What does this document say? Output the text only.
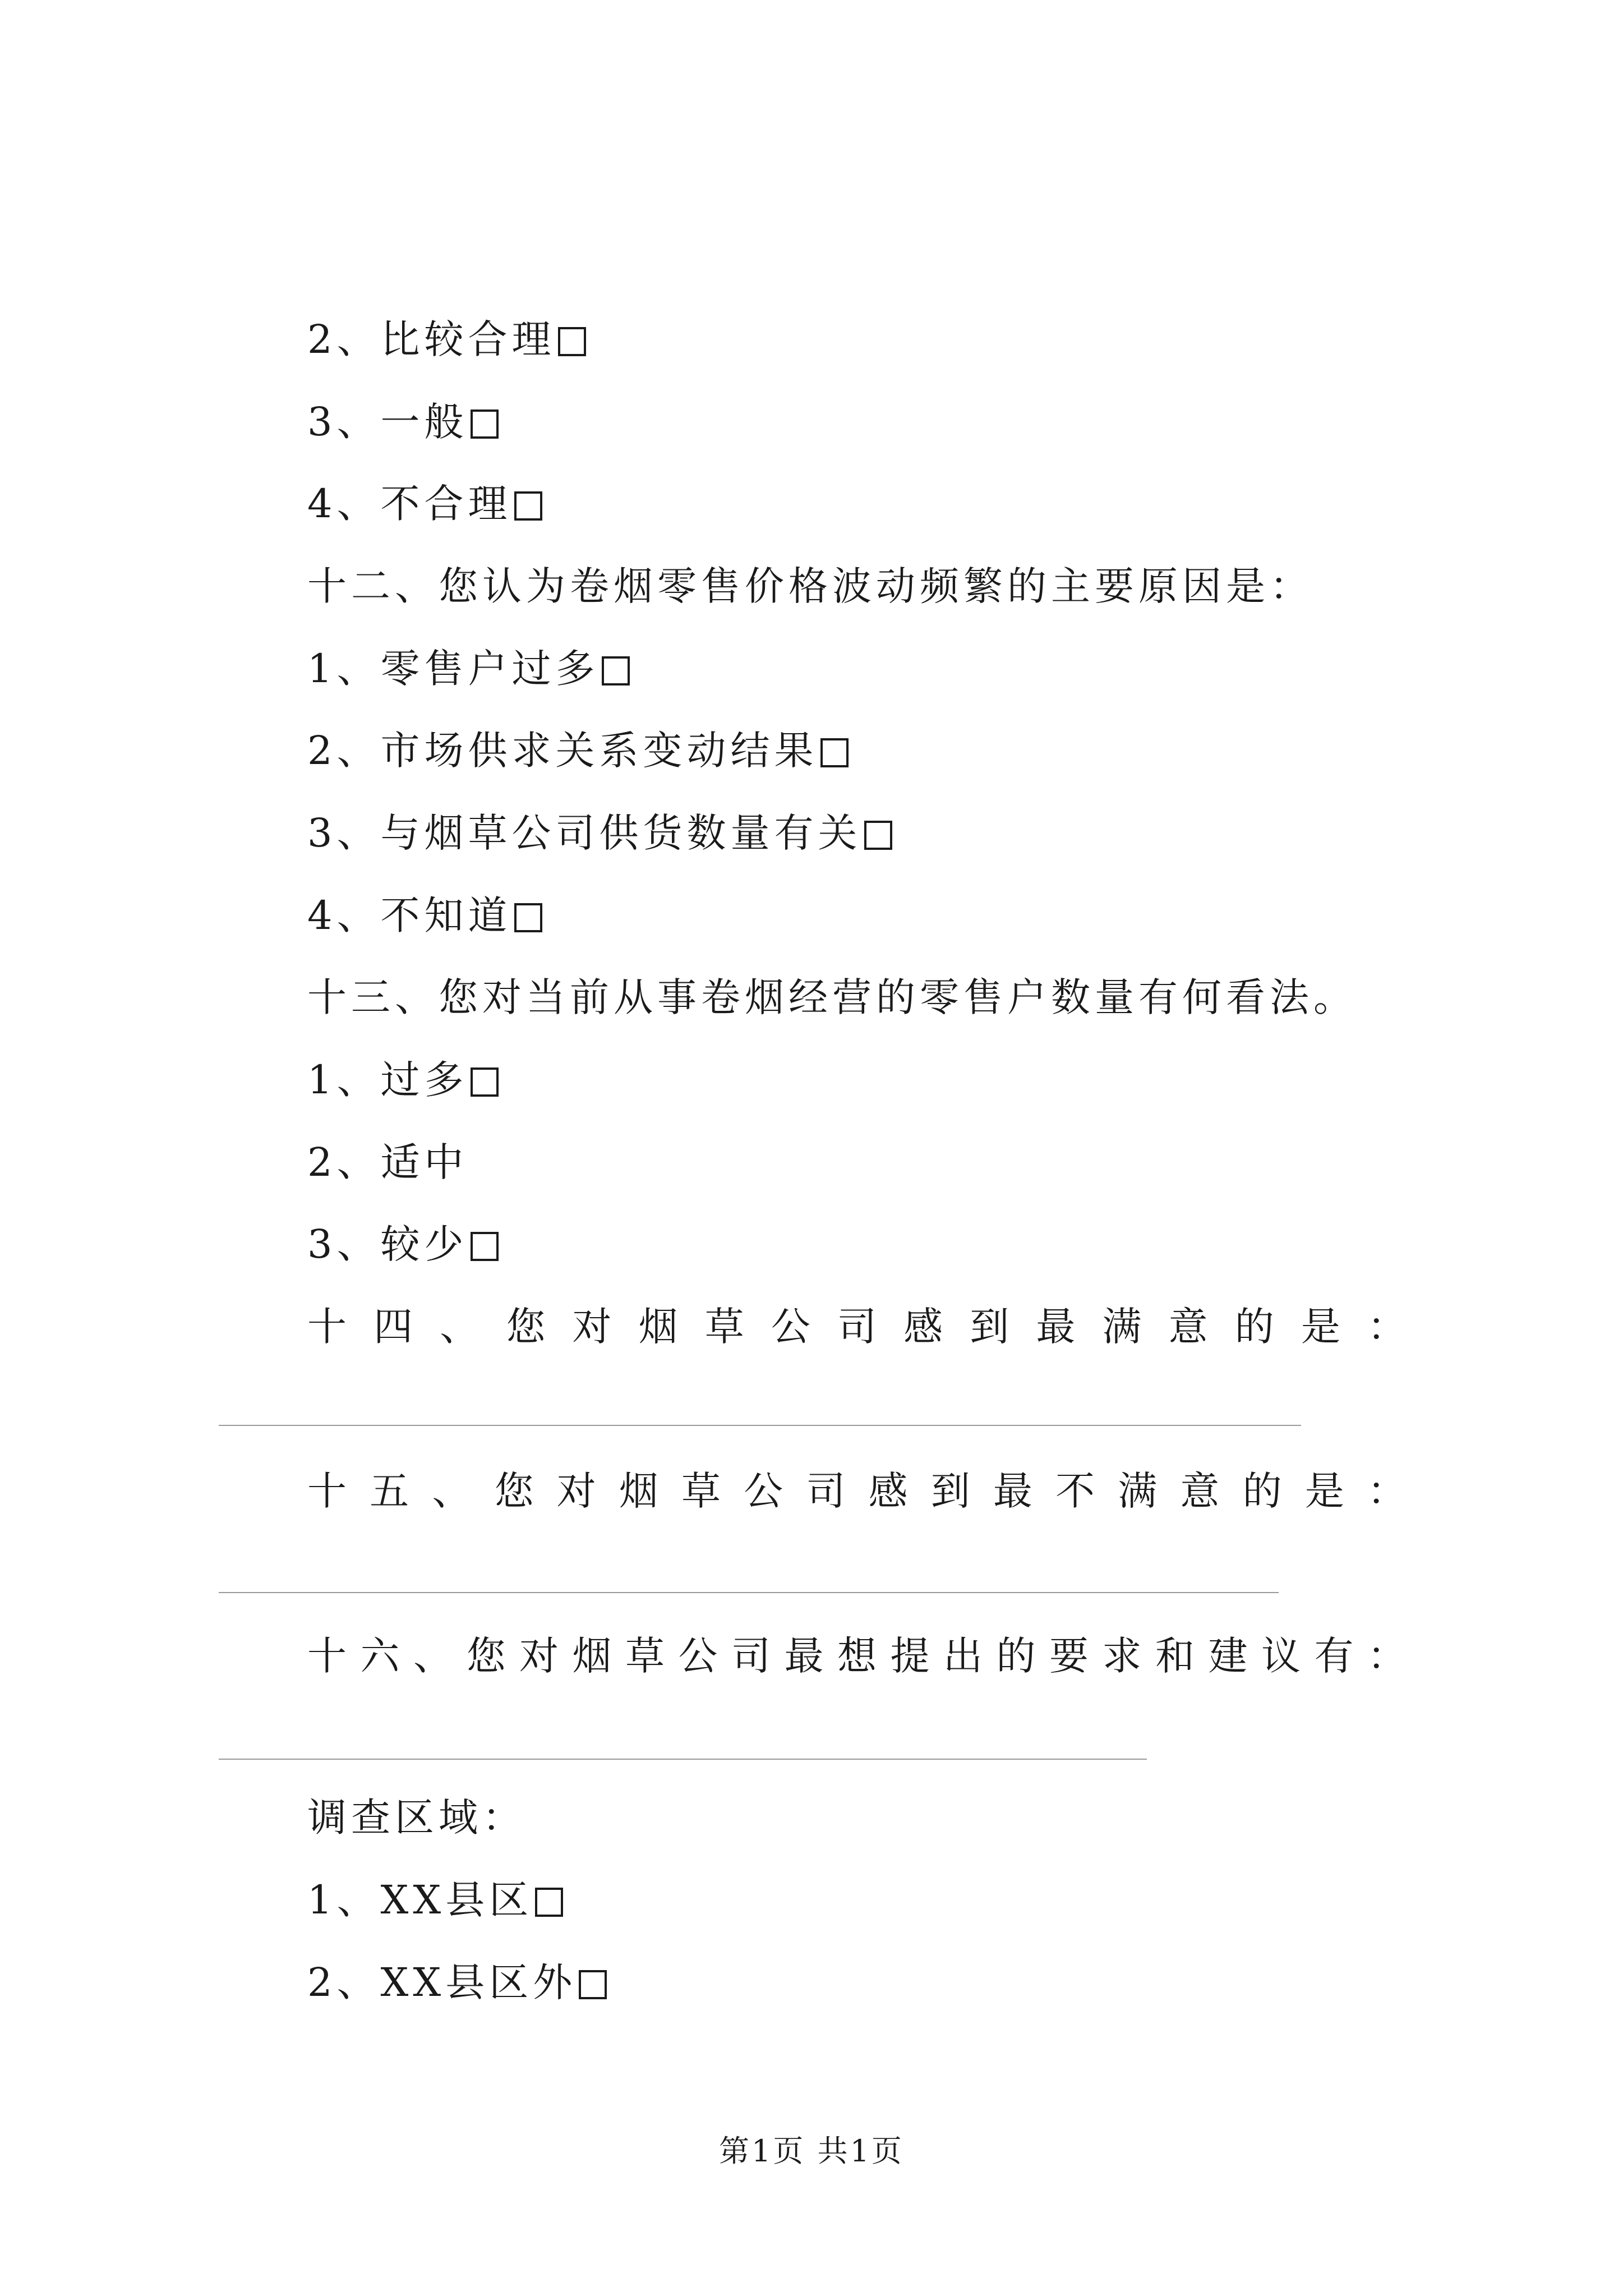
2、比较合理
3、一般
4、不合理
十二、您认为卷烟零售价格波动频繁的主要原因是：
1、零售户过多
2、市场供求关系变动结果
3、与烟草公司供货数量有关
4、不知道
十三、您对当前从事卷烟经营的零售户数量有何看法。
1、过多
2、适中
3、较少
十 四 、 您 对 烟 草 公 司 感 到 最 满 意 的 是 ：
十 五 、 您 对 烟 草 公 司 感 到 最 不 满 意 的 是 ：
十 六 、 您 对 烟 草 公 司 最 想 提 出 的 要 求 和 建 议 有 ：
调查区域：
1、XX县区
2、XX县区外
第1页 共1页
